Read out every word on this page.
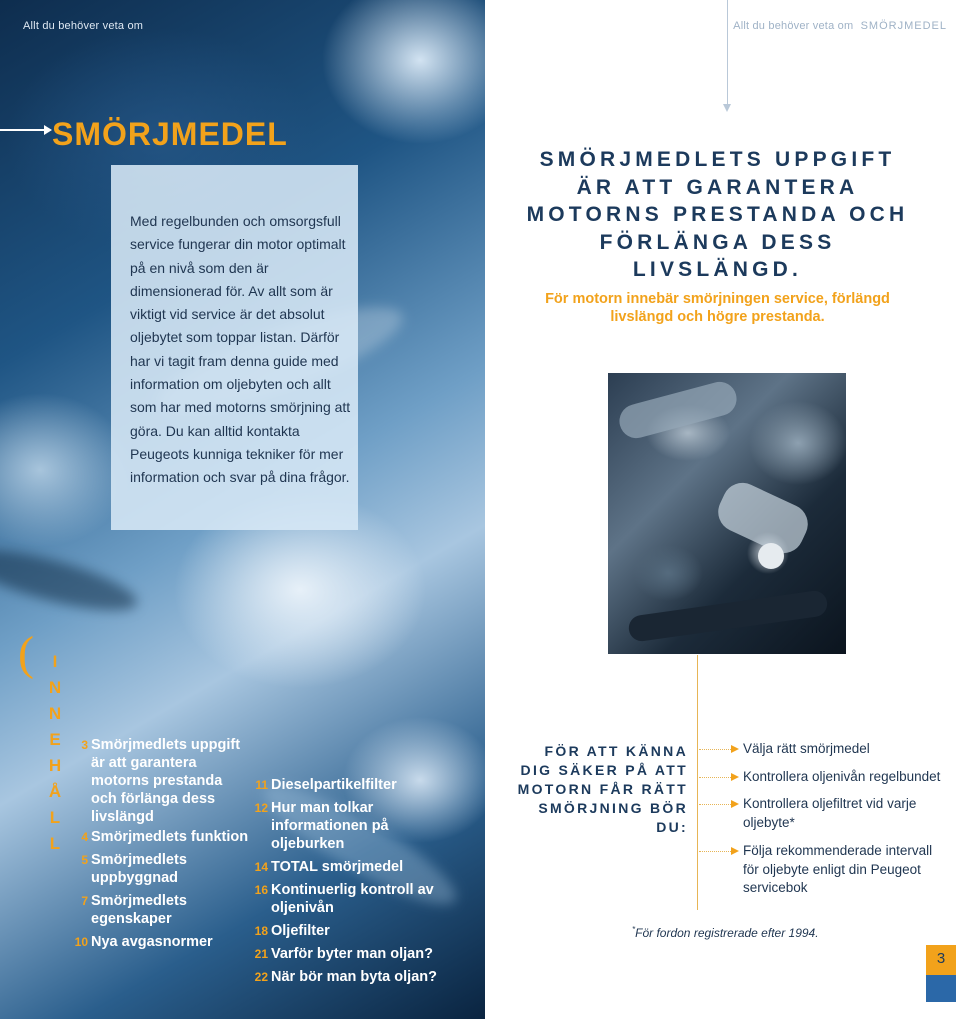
Allt du behöver veta om
SMÖRJMEDEL
Med regelbunden och omsorgsfull service fungerar din motor optimalt på en nivå som den är dimensionerad för. Av allt som är viktigt vid service är det absolut oljebytet som toppar listan. Därför har vi tagit fram denna guide med information om oljebyten och allt som har med motorns smörjning att göra. Du kan alltid kontakta Peugeots kunniga tekniker för mer information och svar på dina frågor.
( I
N
N
E
H
Å
L
L
3 Smörjmedlets uppgift är att garantera motorns prestanda och förlänga dess livslängd
4 Smörjmedlets funktion
5 Smörjmedlets uppbyggnad
7 Smörjmedlets egenskaper
10 Nya avgasnormer
11 Dieselpartikelfilter
12 Hur man tolkar informationen på oljeburken
14 TOTAL smörjmedel
16 Kontinuerlig kontroll av oljenivån
18 Oljefilter
21 Varför byter man oljan?
22 När bör man byta oljan?
Allt du behöver veta om SMÖRJMEDEL
SMÖRJMEDLETS UPPGIFT ÄR ATT GARANTERA MOTORNS PRESTANDA OCH FÖRLÄNGA DESS LIVSLÄNGD.
För motorn innebär smörjningen service, förlängd livslängd och högre prestanda.
FÖR ATT KÄNNA DIG SÄKER PÅ ATT MOTORN FÅR RÄTT SMÖRJNING BÖR DU:
Välja rätt smörjmedel
Kontrollera oljenivån regelbundet
Kontrollera oljefiltret vid varje oljebyte*
Följa rekommenderade intervall för oljebyte enligt din Peugeot servicebok
*För fordon registrerade efter 1994.
3
